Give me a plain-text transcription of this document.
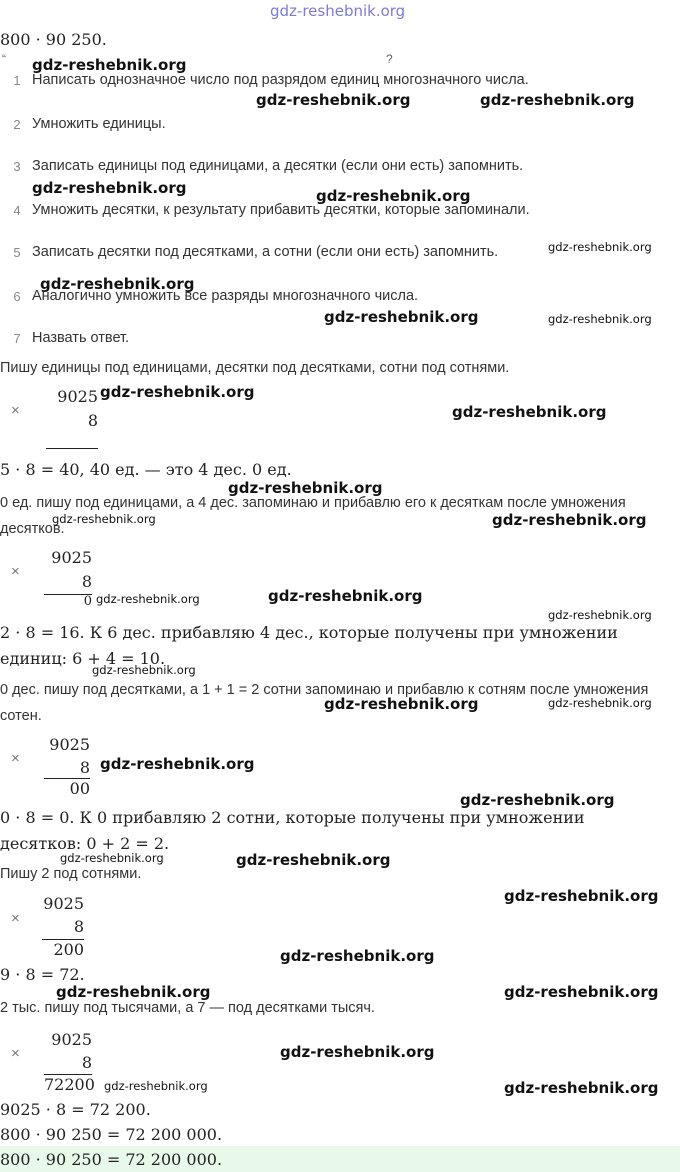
gdz-reshebnik.org
800 · 90 250.
“	?
1 Написать однозначное число под разрядом единиц многозначного числа.
2 Умножить единицы.
3 Записать единицы под единицами, а десятки (если они есть) запомнить.
4 Умножить десятки, к результату прибавить десятки, которые запоминали.
5 Записать десятки под десятками, а сотни (если они есть) запомнить.
6 Аналогично умножить все разряды многозначного числа.
7 Назвать ответ.
Пишу единицы под единицами, десятки под десятками, сотни под сотнями.
×
9025
8
5 · 8 = 40, 40 ед. — это 4 дес. 0 ед.
0 ед. пишу под единицами, а 4 дес. запоминаю и прибавлю его к десяткам после умножения десятков.
×
9025
8
0
2 · 8 = 16. К 6 дес. прибавляю 4 дес., которые получены при умножении единиц: 6 + 4 = 10.
0 дес. пишу под десятками, а 1 + 1 = 2 сотни запоминаю и прибавлю к сотням после умножения сотен.
×
9025
8
00
0 · 8 = 0. К 0 прибавляю 2 сотни, которые получены при умножении десятков: 0 + 2 = 2.
Пишу 2 под сотнями.
×
9025
8
200
9 · 8 = 72.
2 тыс. пишу под тысячами, а 7 — под десятками тысяч.
×
9025
8
72200
9025 · 8 = 72 200.
800 · 90 250 = 72 200 000.
800 · 90 250 = 72 200 000.
gdz-reshebnik.org
gdz-reshebnik.org	gdz-reshebnik.org
gdz-reshebnik.org	gdz-reshebnik.org
gdz-reshebnik.org
gdz-reshebnik.org
gdz-reshebnik.org	gdz-reshebnik.org
gdz-reshebnik.org
gdz-reshebnik.org
gdz-reshebnik.org
gdz-reshebnik.org	gdz-reshebnik.org
gdz-reshebnik.org	gdz-reshebnik.org
gdz-reshebnik.org
gdz-reshebnik.org
gdz-reshebnik.org	gdz-reshebnik.org
gdz-reshebnik.org
gdz-reshebnik.org
gdz-reshebnik.org	gdz-reshebnik.org
gdz-reshebnik.org
gdz-reshebnik.org
gdz-reshebnik.org	gdz-reshebnik.org
gdz-reshebnik.org
gdz-reshebnik.org	gdz-reshebnik.org
